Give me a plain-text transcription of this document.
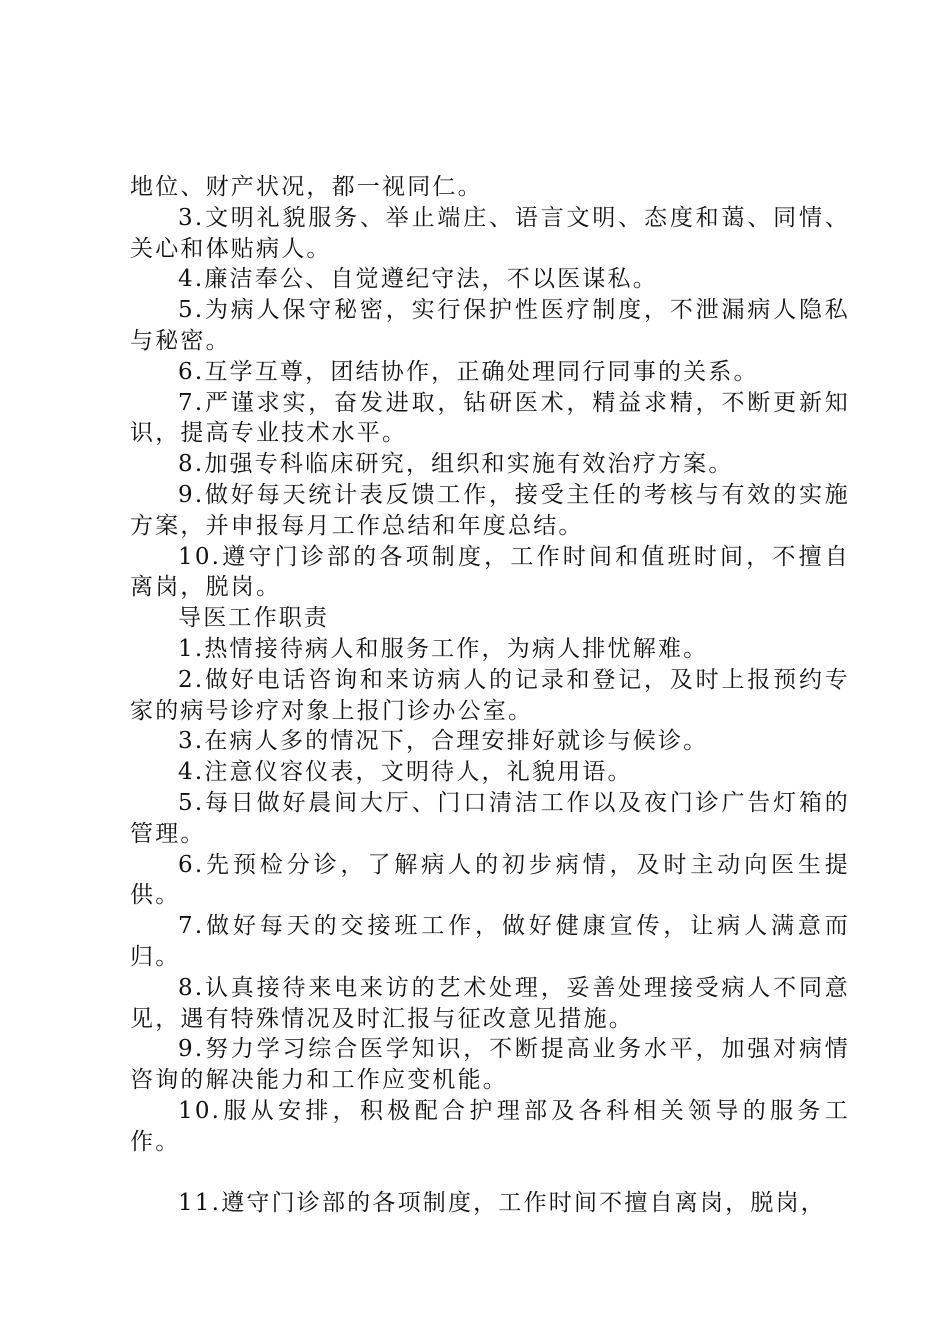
地位、财产状况，都一视同仁。

3.文明礼貌服务、举止端庄、语言文明、态度和蔼、同情、关心和体贴病人。

4.廉洁奉公、自觉遵纪守法，不以医谋私。

5.为病人保守秘密，实行保护性医疗制度，不泄漏病人隐私与秘密。

6.互学互尊，团结协作，正确处理同行同事的关系。

7.严谨求实，奋发进取，钻研医术，精益求精，不断更新知识，提高专业技术水平。

8.加强专科临床研究，组织和实施有效治疗方案。

9.做好每天统计表反馈工作，接受主任的考核与有效的实施方案，并申报每月工作总结和年度总结。

10.遵守门诊部的各项制度，工作时间和值班时间，不擅自离岗，脱岗。

导医工作职责

1.热情接待病人和服务工作，为病人排忧解难。

2.做好电话咨询和来访病人的记录和登记，及时上报预约专家的病号诊疗对象上报门诊办公室。

3.在病人多的情况下，合理安排好就诊与候诊。

4.注意仪容仪表，文明待人，礼貌用语。

5.每日做好晨间大厅、门口清洁工作以及夜门诊广告灯箱的管理。

6.先预检分诊，了解病人的初步病情，及时主动向医生提供。

7.做好每天的交接班工作，做好健康宣传，让病人满意而归。

8.认真接待来电来访的艺术处理，妥善处理接受病人不同意见，遇有特殊情况及时汇报与征改意见措施。

9.努力学习综合医学知识，不断提高业务水平，加强对病情咨询的解决能力和工作应变机能。

10.服从安排，积极配合护理部及各科相关领导的服务工作。

11.遵守门诊部的各项制度，工作时间不擅自离岗，脱岗，
